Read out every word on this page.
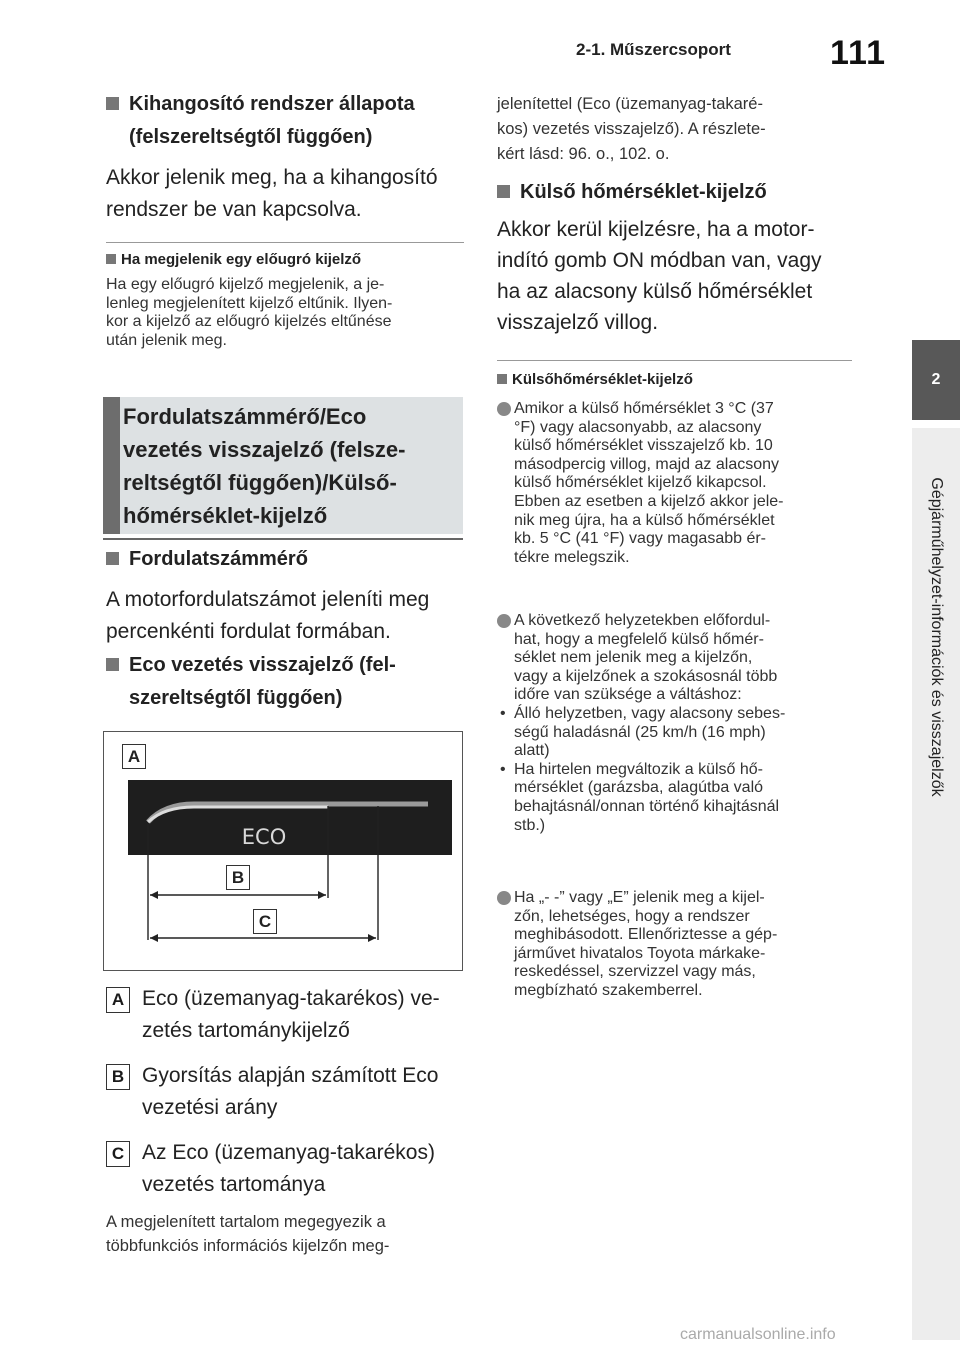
2-1. Műszercsoport	111
2
Gépjárműhelyzet-információk és visszajelzők
Kihangosító rendszer állapota
(felszereltségtől függően)
Akkor jelenik meg, ha a kihangosító
rendszer be van kapcsolva.
Ha megjelenik egy előugró kijelző
Ha egy előugró kijelző megjelenik, a je-
lenleg megjelenített kijelző eltűnik. Ilyen-
kor a kijelző az előugró kijelzés eltűnése
után jelenik meg.
Fordulatszámmérő/Eco
vezetés visszajelző (felsze-
reltségtől függően)/Külső-
hőmérséklet-kijelző
Fordulatszámmérő
A motorfordulatszámot jeleníti meg
percenkénti fordulat formában.
Eco vezetés visszajelző (fel-
szereltségtől függően)
ECO
A
B
C
A Eco (üzemanyag-takarékos) ve-
zetés tartománykijelző
B Gyorsítás alapján számított Eco
vezetési arány
C Az Eco (üzemanyag-takarékos)
vezetés tartománya
A megjelenített tartalom megegyezik a
többfunkciós információs kijelzőn meg-
jelenítettel (Eco (üzemanyag-takaré-
kos) vezetés visszajelző). A részlete-
kért lásd: 96. o., 102. o.
Külső hőmérséklet-kijelző
Akkor kerül kijelzésre, ha a motor-
indító gomb ON módban van, vagy
ha az alacsony külső hőmérséklet
visszajelző villog.
Külsőhőmérséklet-kijelző
Amikor a külső hőmérséklet 3 °C (37
°F) vagy alacsonyabb, az alacsony
külső hőmérséklet visszajelző kb. 10
másodpercig villog, majd az alacsony
külső hőmérséklet kijelző kikapcsol.
Ebben az esetben a kijelző akkor jele-
nik meg újra, ha a külső hőmérséklet
kb. 5 °C (41 °F) vagy magasabb ér-
tékre melegszik.
A következő helyzetekben előfordul-
hat, hogy a megfelelő külső hőmér-
séklet nem jelenik meg a kijelzőn,
vagy a kijelzőnek a szokásosnál több
időre van szüksége a váltáshoz:
• Álló helyzetben, vagy alacsony sebes-
ségű haladásnál (25 km/h (16 mph)
alatt)
• Ha hirtelen megváltozik a külső hő-
mérséklet (garázsba, alagútba való
behajtásnál/onnan történő kihajtásnál
stb.)
Ha „- -” vagy „E” jelenik meg a kijel-
zőn, lehetséges, hogy a rendszer
meghibásodott. Ellenőriztesse a gép-
járművet hivatalos Toyota márkake-
reskedéssel, szervizzel vagy más,
megbízható szakemberrel.
carmanualsonline.info
